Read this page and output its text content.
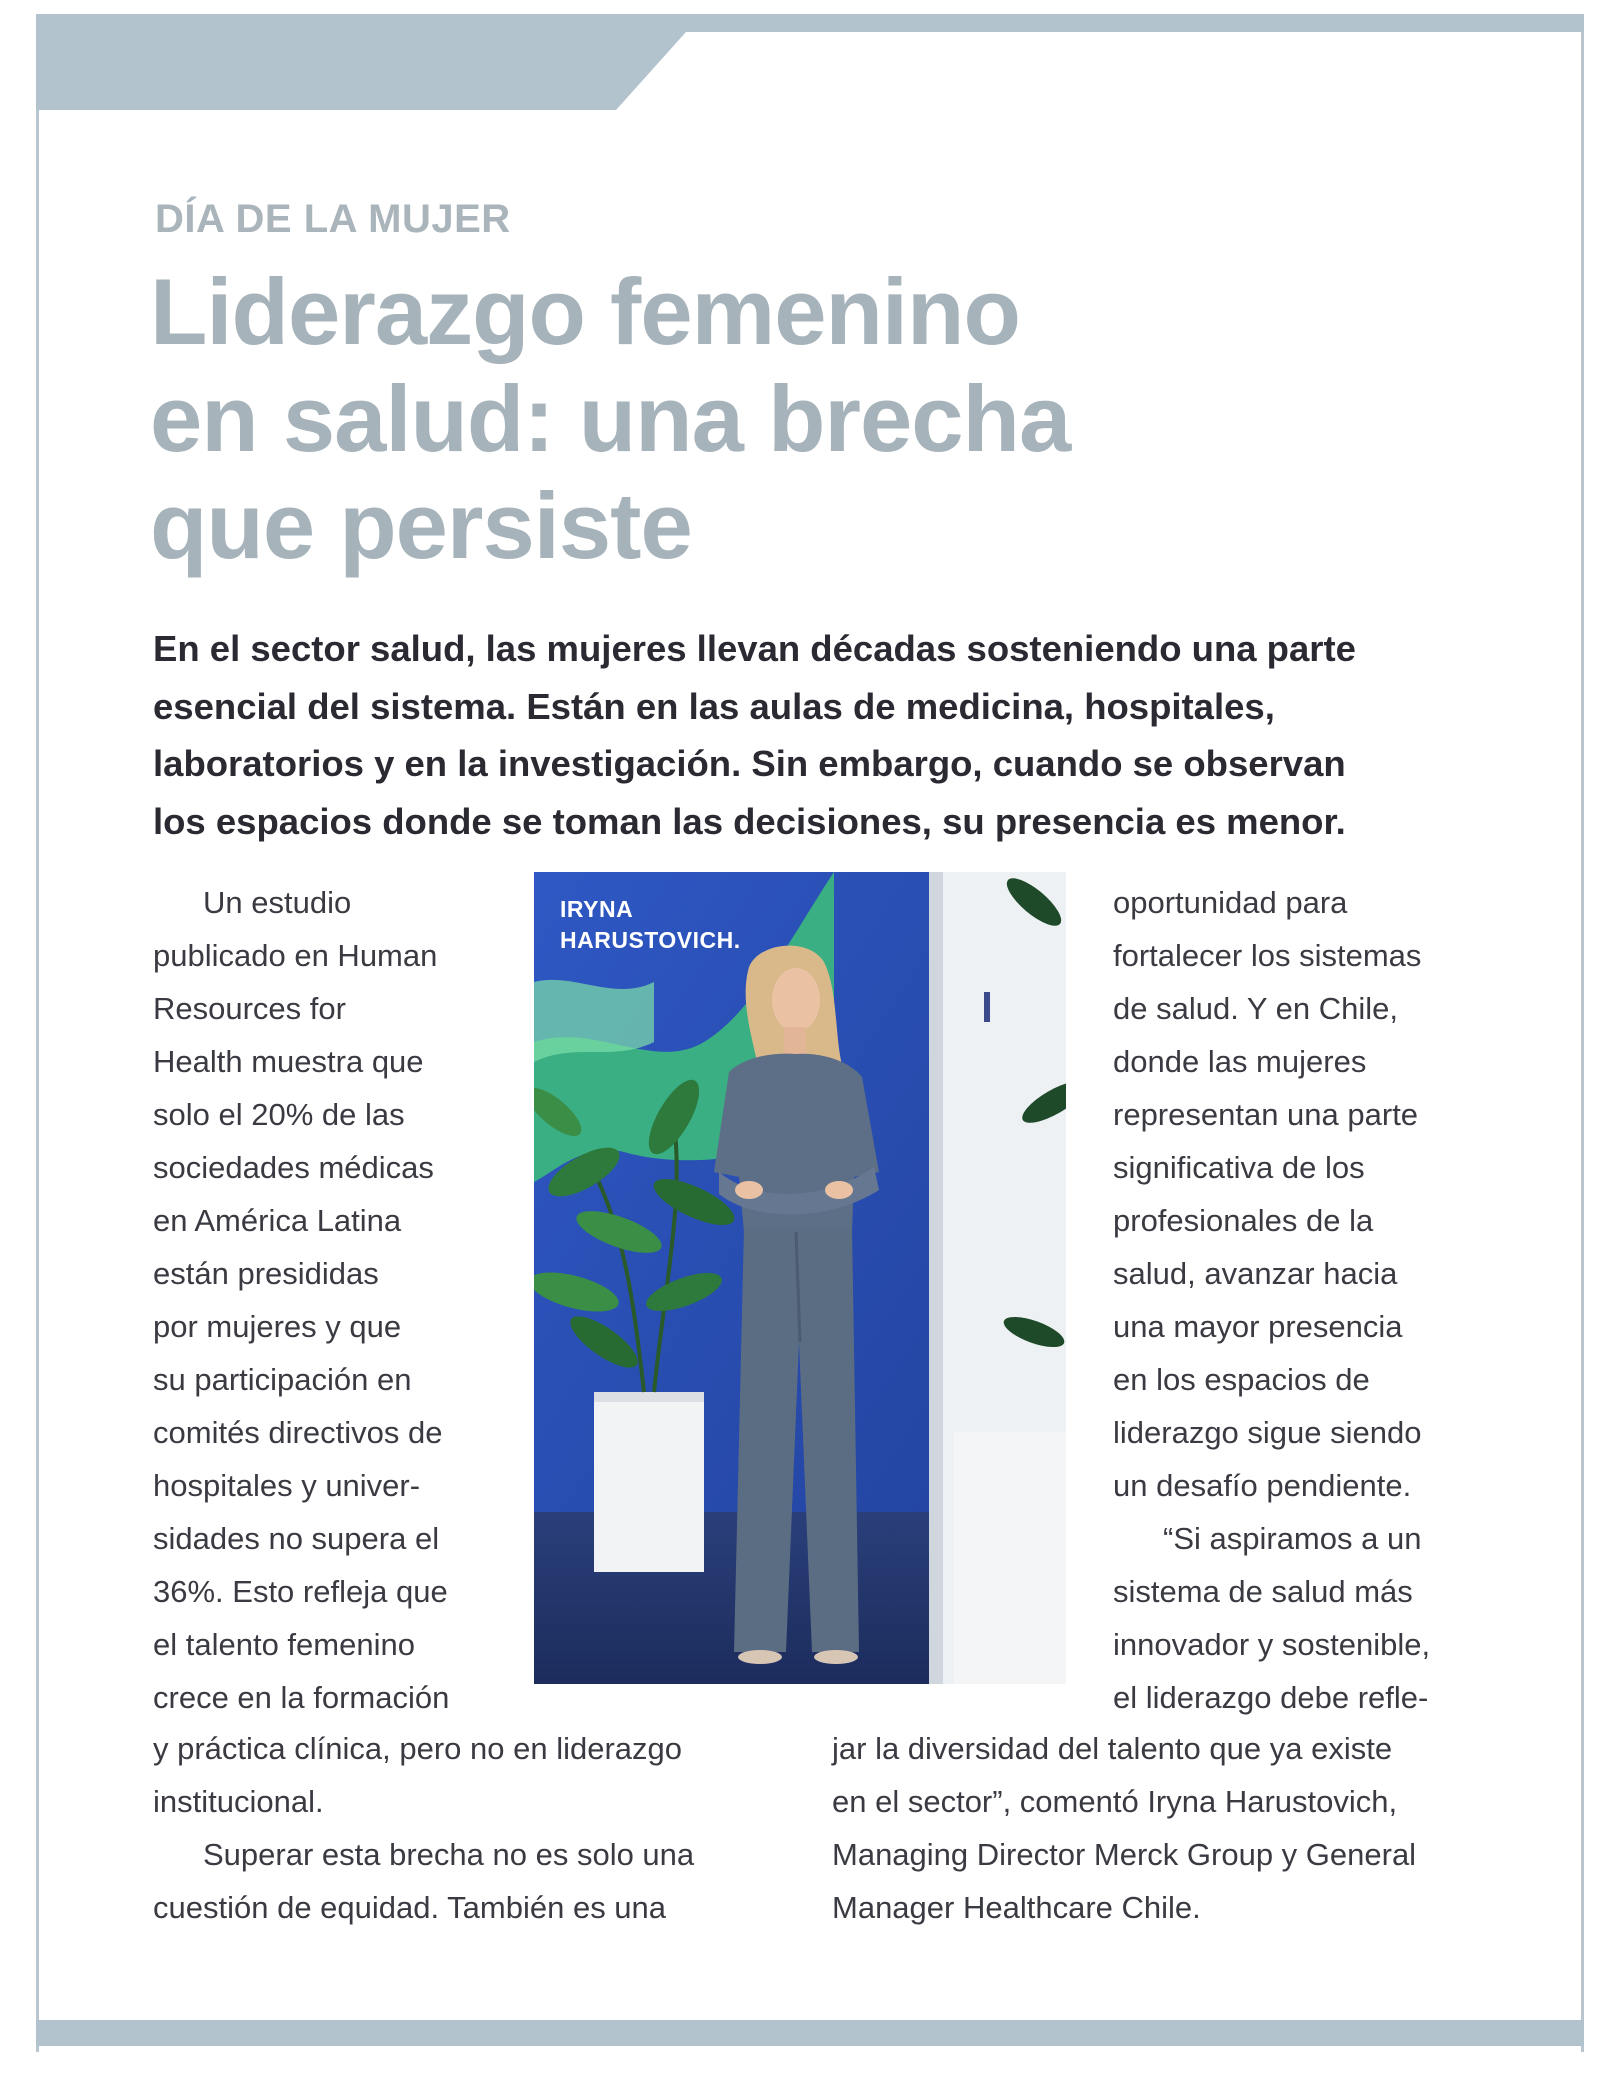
DÍA DE LA MUJER
Liderazgo femenino
en salud: una brecha
que persiste
En el sector salud, las mujeres llevan décadas sosteniendo una parte
esencial del sistema. Están en las aulas de medicina, hospitales,
laboratorios y en la investigación. Sin embargo, cuando se observan
los espacios donde se toman las decisiones, su presencia es menor.
Un estudio
publicado en Human
Resources for
Health muestra que
solo el 20% de las
sociedades médicas
en América Latina
están presididas
por mujeres y que
su participación en
comités directivos de
hospitales y univer-
sidades no supera el
36%. Esto refleja que
el talento femenino
crece en la formación
IRYNA
HARUSTOVICH.
oportunidad para
fortalecer los sistemas
de salud. Y en Chile,
donde las mujeres
representan una parte
significativa de los
profesionales de la
salud, avanzar hacia
una mayor presencia
en los espacios de
liderazgo sigue siendo
un desafío pendiente.
“Si aspiramos a un
sistema de salud más
innovador y sostenible,
el liderazgo debe refle-
y práctica clínica, pero no en liderazgo
institucional.
Superar esta brecha no es solo una
cuestión de equidad. También es una
jar la diversidad del talento que ya existe
en el sector”, comentó Iryna Harustovich,
Managing Director Merck Group y General
Manager Healthcare Chile.
